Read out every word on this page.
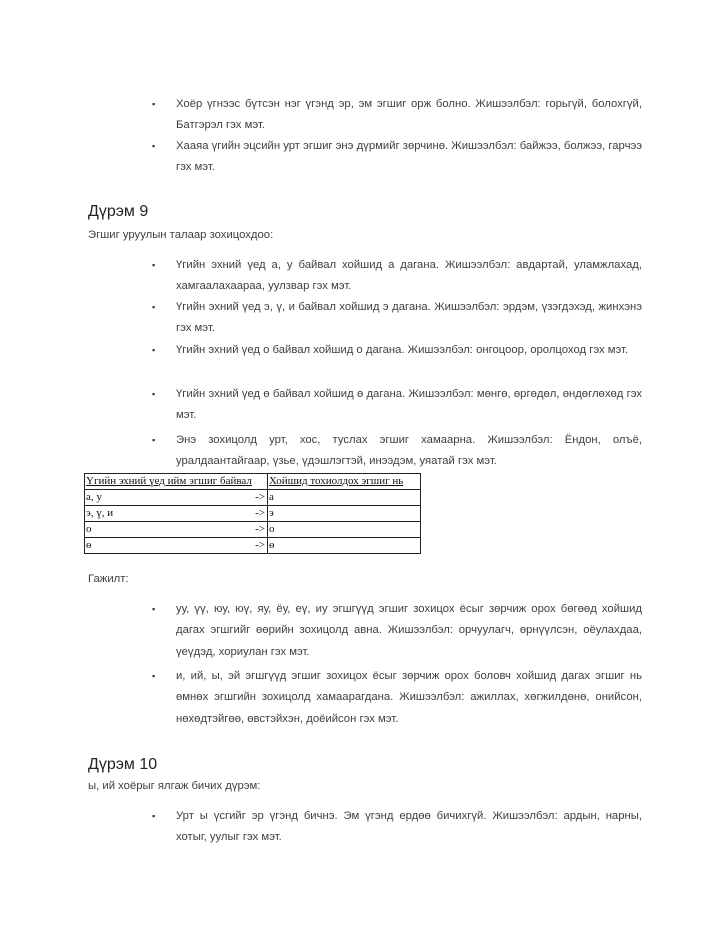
▪ Хоёр үгнээс бүтсэн нэг үгэнд эр, эм эгшиг орж болно. Жишээлбэл: горьгүй, болохгүй, Батгэрэл гэх мэт.
▪ Хааяа үгийн эцсийн урт эгшиг энэ дүрмийг зөрчинө. Жишээлбэл: байжээ, болжээ, гарчээ гэх мэт.
Дүрэм 9
Эгшиг уруулын талаар зохицохдоо:
▪ Үгийн эхний үед а, у байвал хойшид а дагана. Жишээлбэл: авдартай, уламжлахад, хамгаалахаараа, уулзвар гэх мэт.
▪ Үгийн эхний үед э, ү, и байвал хойшид э дагана. Жишээлбэл: эрдэм, үзэгдэхэд, жинхэнэ гэх мэт.
▪ Үгийн эхний үед о байвал хойшид о дагана. Жишээлбэл: онгоцоор, оролцоход гэх мэт.
▪ Үгийн эхний үед ө байвал хойшид ө дагана. Жишээлбэл: мөнгө, өргөдөл, өндөглөхөд гэх мэт.
▪ Энэ зохицолд урт, хос, туслах эгшиг хамаарна. Жишээлбэл: Ёндон, олъё, уралдаантайгаар, үзье, үдэшлэгтэй, инээдэм, уяатай гэх мэт.
Үгийн эхний үед ийм эгшиг байвал	Хойшид тохиолдох эгшиг нь
а, у ->	а
э, ү, и ->	э
о ->	о
ө ->	ө
Гажилт:
▪ уу, үү, юу, юү, яу, ёу, еү, иу эгшгүүд эгшиг зохицох ёсыг зөрчиж орох бөгөөд хойшид дагах эгшгийг өөрийн зохицолд авна. Жишээлбэл: орчуулагч, өрнүүлсэн, оёулахдаа, үеүдэд, хориулан гэх мэт.
▪ и, ий, ы, эй эгшгүүд эгшиг зохицох ёсыг зөрчиж орох боловч хойшид дагах эгшиг нь өмнөх эгшгийн зохицолд хамаарагдана. Жишээлбэл: ажиллах, хөгжилдөнө, онийсон, нөхөдтэйгөө, өвстэйхэн, доёийсон гэх мэт.
Дүрэм 10
ы, ий хоёрыг ялгаж бичих дүрэм:
▪ Урт ы үсгийг эр үгэнд бичнэ. Эм үгэнд ердөө бичихгүй. Жишээлбэл: ардын, нарны, хотыг, уулыг гэх мэт.
